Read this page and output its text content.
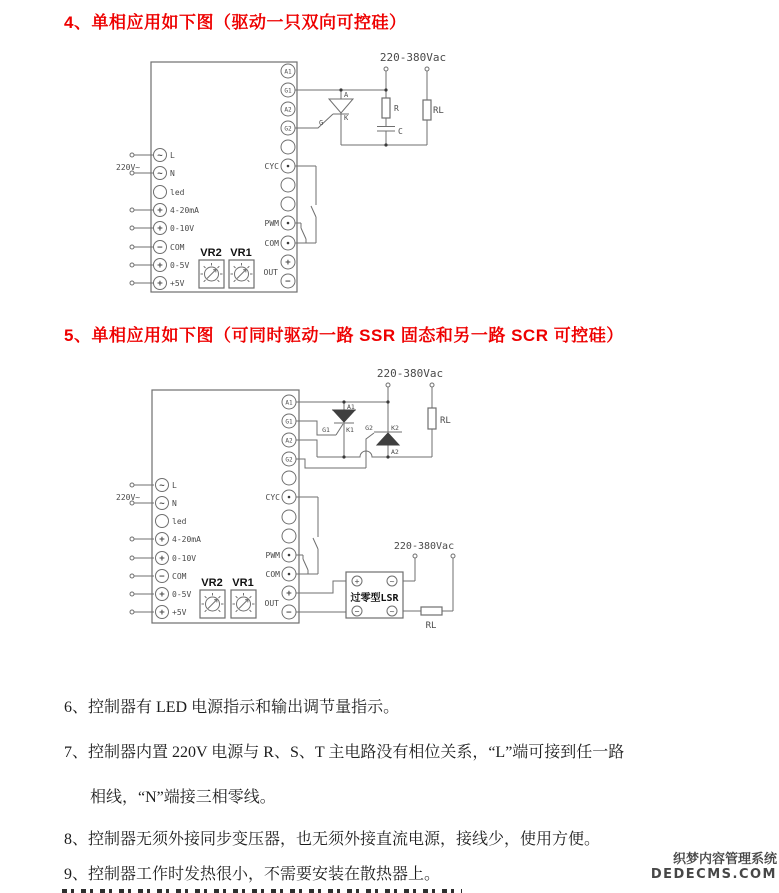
4、单相应用如下图（驱动一只双向可控硅）
VR2 VR1
220V~
~
~
+
+
−
+
+
L
N
led
4-20mA
0-10V
COM
0-5V
+5V
A1
G1
A2
G2
CYC
PWM
COM
OUT
+
−
220-380Vac
A
G
K
R
C
RL
5、单相应用如下图（可同时驱动一路 SSR 固态和另一路 SCR 可控硅）
VR2 VR1
220V~
~
~
+
+
−
+
+
L
N
led
4-20mA
0-10V
COM
0-5V
+5V
A1
G1
A2
G2
CYC
PWM
COM
OUT
+
−
220-380Vac
A1
G1 K1 G2	K2
A2
RL
+
−
~
~
过零型LSR
220-380Vac
RL
6、控制器有 LED 电源指示和输出调节量指示。
7、控制器内置 220V 电源与 R、S、T 主电路没有相位关系，“L”端可接到任一路
相线，“N”端接三相零线。
8、控制器无须外接同步变压器，也无须外接直流电源，接线少，使用方便。
9、控制器工作时发热很小，不需要安装在散热器上。
织梦内容管理系统
DEDECMS.COM
